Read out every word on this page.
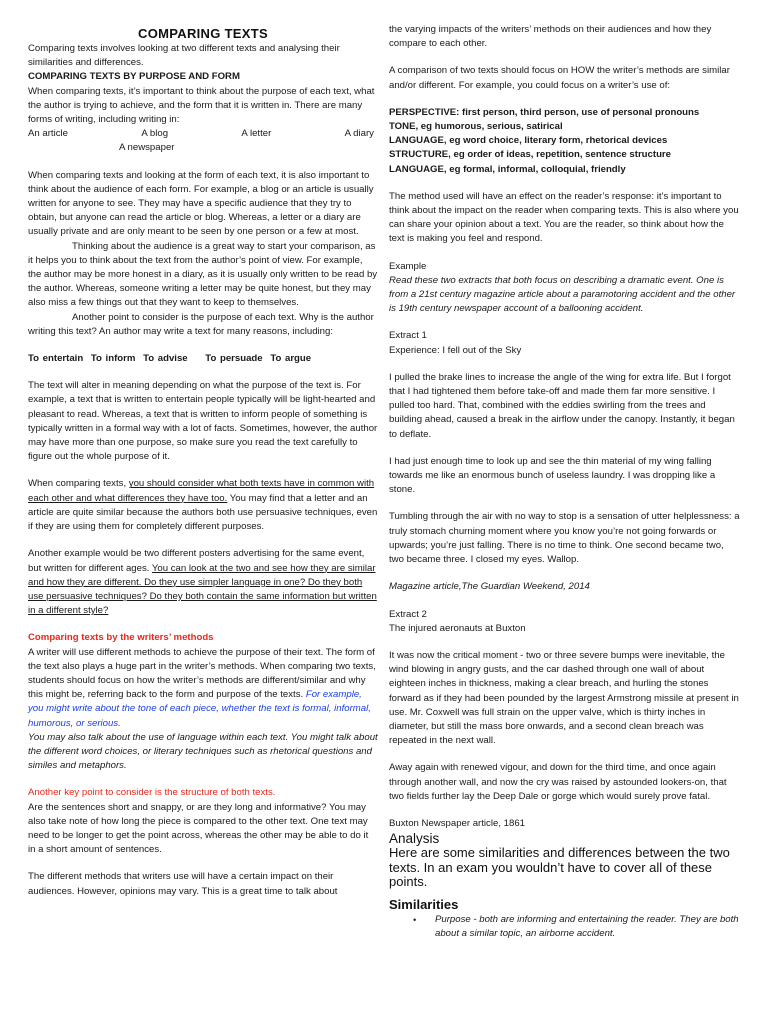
COMPARING TEXTS

Comparing texts involves looking at two different texts and analysing their similarities and differences.

COMPARING TEXTS BY PURPOSE AND FORM

When comparing texts, it’s important to think about the purpose of each text, what the author is trying to achieve, and the form that it is written in. There are many forms of writing, including writing in:

An article	A blog	A letter	A diary

A newspaper

When comparing texts and looking at the form of each text, it is also important to think about the audience of each form. For example, a blog or an article is usually written for anyone to see. They may have a specific audience that they try to obtain, but anyone can read the article or blog. Whereas, a letter or a diary are usually private and are only meant to be seen by one person or a few at most.

Thinking about the audience is a great way to start your comparison, as it helps you to think about the text from the author’s point of view. For example, the author may be more honest in a diary, as it is usually only written to be read by the author. Whereas, someone writing a letter may be quite honest, but they may also miss a few things out that they want to keep to themselves.

Another point to consider is the purpose of each text. Why is the author writing this text? An author may write a text for many reasons, including:

To entertain To inform To advise To persuade To argue

The text will alter in meaning depending on what the purpose of the text is. For example, a text that is written to entertain people typically will be light-hearted and pleasant to read. Whereas, a text that is written to inform people of something is typically written in a formal way with a lot of facts. Sometimes, however, the author may have more than one purpose, so make sure you read the text carefully to figure out the whole purpose of it.

When comparing texts, you should consider what both texts have in common with each other and what differences they have too. You may find that a letter and an article are quite similar because the authors both use persuasive techniques, even if they are using them for completely different purposes.

Another example would be two different posters advertising for the same event, but written for different ages. You can look at the two and see how they are similar and how they are different. Do they use simpler language in one? Do they both use persuasive techniques? Do they both contain the same information but written in a different style?

Comparing texts by the writers’ methods

A writer will use different methods to achieve the purpose of their text. The form of the text also plays a huge part in the writer’s methods. When comparing two texts, students should focus on how the writer’s methods are different/similar and why this might be, referring back to the form and purpose of the texts. For example, you might write about the tone of each piece, whether the text is formal, informal, humorous, or serious.

You may also talk about the use of language within each text. You might talk about the different word choices, or literary techniques such as rhetorical questions and similes and metaphors.

Another key point to consider is the structure of both texts.

Are the sentences short and snappy, or are they long and informative? You may also take note of how long the piece is compared to the other text. One text may need to be longer to get the point across, whereas the other may be able to do it in a short amount of sentences.

The different methods that writers use will have a certain impact on their audiences. However, opinions may vary. This is a great time to talk about

the varying impacts of the writers’ methods on their audiences and how they compare to each other.

A comparison of two texts should focus on HOW the writer’s methods are similar and/or different. For example, you could focus on a writer’s use of:

PERSPECTIVE: first person, third person, use of personal pronouns

TONE, eg humorous, serious, satirical

LANGUAGE, eg word choice, literary form, rhetorical devices

STRUCTURE, eg order of ideas, repetition, sentence structure

LANGUAGE, eg formal, informal, colloquial, friendly

The method used will have an effect on the reader’s response: it’s important to think about the impact on the reader when comparing texts. This is also where you can share your opinion about a text. You are the reader, so think about how the text is making you feel and respond.

Example

Read these two extracts that both focus on describing a dramatic event. One is from a 21st century magazine article about a paramotoring accident and the other is 19th century newspaper account of a ballooning accident.

Extract 1

Experience: I fell out of the Sky

I pulled the brake lines to increase the angle of the wing for extra life. But I forgot that I had tightened them before take-off and made them far more sensitive. I pulled too hard. That, combined with the eddies swirling from the trees and building ahead, caused a break in the airflow under the canopy. Instantly, it began to deflate.

I had just enough time to look up and see the thin material of my wing falling towards me like an enormous bunch of useless laundry. I was dropping like a stone.

Tumbling through the air with no way to stop is a sensation of utter helplessness: a truly stomach churning moment where you know you’re not going forwards or upwards; you’re just falling. There is no time to think. One second became two, two became three. I closed my eyes. Wallop.

Magazine article,The Guardian Weekend, 2014

Extract 2

The injured aeronauts at Buxton

It was now the critical moment - two or three severe bumps were inevitable, the wind blowing in angry gusts, and the car dashed through one wall of about eighteen inches in thickness, making a clear breach, and hurling the stones forward as if they had been pounded by the largest Armstrong missile at present in use. Mr. Coxwell was full strain on the upper valve, which is thirty inches in diameter, but still the mass bore onwards, and a second clean breach was repeated in the next wall.

Away again with renewed vigour, and down for the third time, and once again through another wall, and now the cry was raised by astounded lookers-on, that two fields further lay the Deep Dale or gorge which would surely prove fatal.

Buxton Newspaper article, 1861

Analysis

Here are some similarities and differences between the two texts. In an exam you wouldn’t have to cover all of these points.

Similarities

• Purpose - both are informing and entertaining the reader. They are both about a similar topic, an airborne accident.
